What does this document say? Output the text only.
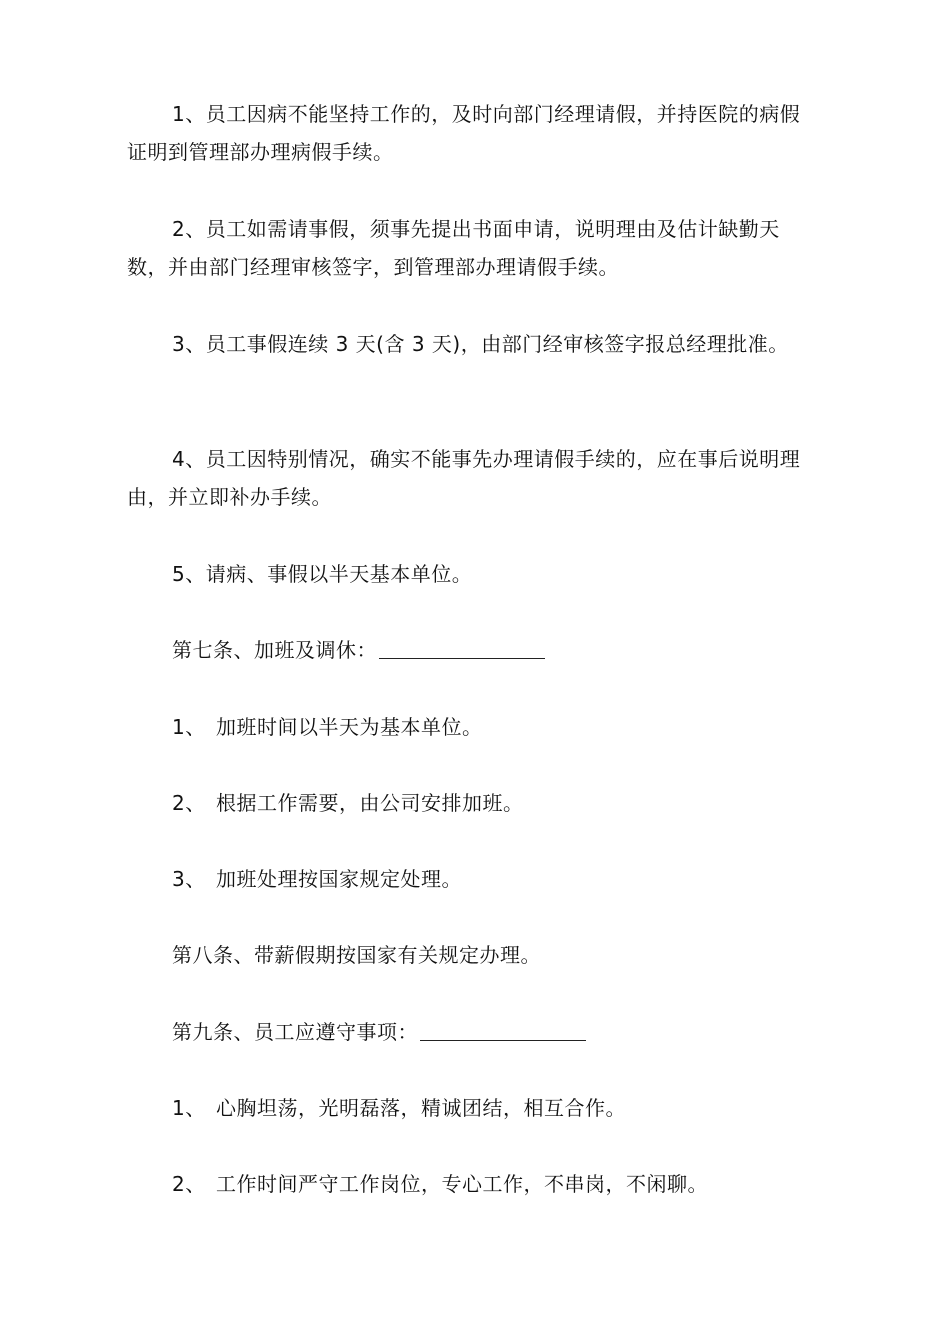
1、员工因病不能坚持工作的，及时向部门经理请假，并持医院的病假证明到管理部办理病假手续。

2、员工如需请事假，须事先提出书面申请，说明理由及估计缺勤天数，并由部门经理审核签字，到管理部办理请假手续。

3、员工事假连续 3 天(含 3 天)，由部门经审核签字报总经理批准。

4、员工因特别情况，确实不能事先办理请假手续的，应在事后说明理由，并立即补办手续。

5、请病、事假以半天基本单位。

第七条、加班及调休：
1、 加班时间以半天为基本单位。
2、 根据工作需要，由公司安排加班。
3、 加班处理按国家规定处理。
第八条、带薪假期按国家有关规定办理。
第九条、员工应遵守事项：
1、 心胸坦荡，光明磊落，精诚团结，相互合作。
2、 工作时间严守工作岗位，专心工作，不串岗，不闲聊。
